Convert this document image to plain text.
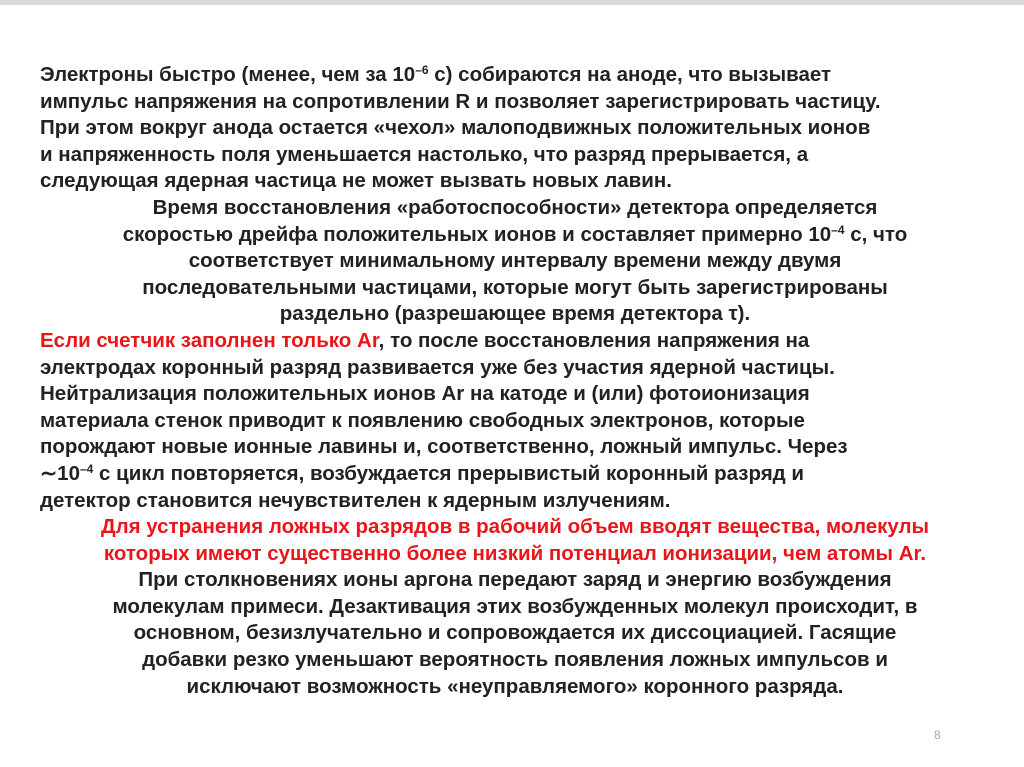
Электроны быстро (менее, чем за $10^{-6}$ с) собираются на аноде, что вызывает
импульс напряжения на сопротивлении R и позволяет зарегистрировать частицу.
При этом вокруг анода остается «чехол» малоподвижных положительных ионов
и напряженность поля уменьшается настолько, что разряд прерывается, а
следующая ядерная частица не может вызвать новых лавин.

Время восстановления «работоспособности» детектора определяется
скоростью дрейфа положительных ионов и составляет примерно $10^{-4}$ с, что
соответствует минимальному интервалу времени между двумя
последовательными частицами, которые могут быть зарегистрированы
раздельно (разрешающее время детектора τ).

Если счетчик заполнен только Ar, то после восстановления напряжения на
электродах коронный разряд развивается уже без участия ядерной частицы.
Нейтрализация положительных ионов Ar на катоде и (или) фотоионизация
материала стенок приводит к появлению свободных электронов, которые
порождают новые ионные лавины и, соответственно, ложный импульс. Через
$\sim 10^{-4}$ с цикл повторяется, возбуждается прерывистый коронный разряд и
детектор становится нечувствителен к ядерным излучениям.

Для устранения ложных разрядов в рабочий объем вводят вещества, молекулы
которых имеют существенно более низкий потенциал ионизации, чем атомы Ar.
При столкновениях ионы аргона передают заряд и энергию возбуждения
молекулам примеси. Дезактивация этих возбужденных молекул происходит, в
основном, безизлучательно и сопровождается их диссоциацией. Гасящие
добавки резко уменьшают вероятность появления ложных импульсов и
исключают возможность «неуправляемого» коронного разряда.

8
